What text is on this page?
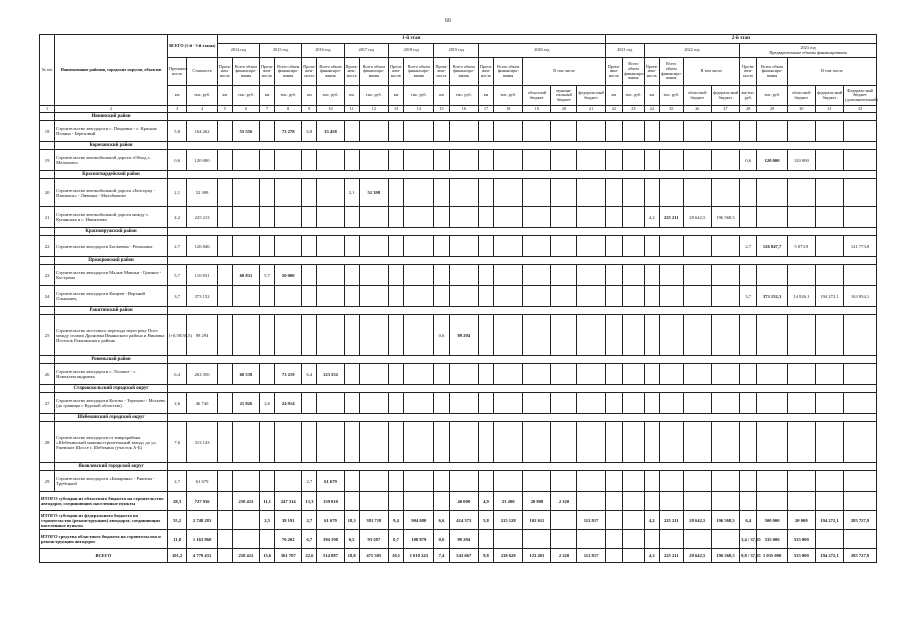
66
№ п/п	Наименование районов, городских округов, объектов	ВСЕГО (1-й - 3-й этапы)		1-й этап																	2-й этап										
				2014 год		2015 год		2016 год		2017 год		2018 год		2019 год		2020 год					2021 год		2022 год				2023 год
Предварительные объемы финансирования				
		Протяжен-ность	Стоимость	Протя-жен-ность	Всего объем финансиро-вания	Протя-жен-ность	Всего объем финансиро-вания	Протя-жен-ность	Всего объем финансиро-вания	Протя-жен-ность	Всего объем финансиро-вания	Протя-жен-ность	Всего объем финансиро-вания	Протя-жен-ность	Всего объем финансиро-вания	Протя-жен-ность	Всего объем финансиро-вания	В том числе			Протя-жен-ность	Всего объем финансиро-вания	Протя-жен-ность	Всего объем финансиро-вания	В том числе		Протя-жен-ность	Всего объем финансиро-вания	В том числе		
		км	тыс. руб.	км	тыс. руб.	км	тыс. руб.	км	тыс. руб.	км	тыс. руб.	км	тыс. руб.	км	тыс. руб.	км	тыс. руб.	областной бюджет	муници-пальный бюджет	федераль-ный бюджет	км	тыс. руб.	км	тыс. руб.	областной бюджет	федераль-ный бюджет	км/тыс. руб.	тыс. руб.	областной бюджет	федераль-ный бюджет	Федераль-ный бюджет (дополнительный)
1	2	3	4	5	6	7	8	9	10	11	12	13	14	15	16	17	18	19	20	21	22	23	24	25	26	27	28	29	30	31	32
	Ивнянский район																														
18	Строительство автодороги с. Покровка - с. Красная Поляна - Березовый	5,8	164 262		55 556		73 278	6,8	35 458																						
	Корочанский район																														
19	Строительство автомобильной дороги «Обход с. Мелихово»	0,6	120 000																								0,6	120 000	120 000		
	Красногвардейский район																														
20	Строительство автомобильной дороги «Белгород - Павловск» - Ливенка - Малобыково	2,1	52 398							2,1	52 398																				
21	Строительство автомобильной дороги между с. Купянская и с. Никитовка	4,2	225 213																				4,2	225 211	28 642,5	196 568,5					
	Краснояружский район																														
22	Строительство автодороги Богачевка - Репяховка	2,7	126 846																								2,7	126 847,7	5 073,9		121 773,8
	Прохоровский район																														
23	Строительство автодороги Малые Маячки - Грязное - Кострома	5,7	110 831		60 831	5,7	50 000																								
24	Строительство автодороги Кащеев - Верхний Ольшанец	3,7	373 152																								3,7	373 152,3	14 926,1	194 272,1	163 954,1
	Ракитянский район																														
25	Строительство мостового перехода через реку Псел между селами Дроновка Ивнянского района и Ниновка Поселок Ракитянского района	(+0,58/36,5)	89 294											0,6	89 294																
	Ровеньской район																														
26	Строительство автодороги с. Лозовое - с. Новоалександровка	6,4	263 350		60 538		73 219	6,4	123 552																						
	Старооскольский городской округ																														
27	Строительство автодороги Котово - Терехово - Мосьево (до границы с Курской областью)	2,6	46 740		21 826	2,6	24 914																								
	Шебекинский городской округ																														
28	Строительство автодороги от микрорайона «Шебекинский машиностроительный завод» до ул. Ржевское Шоссе г. Шебекино (участок А-Б)	7,6	313 143																												
	Яковлевский городской округ																														
29	Строительство автодороги «Бамарина» - Ракитка - Трубецкой	2,7	61 679					2,7	61 679																						
ИТОГО субсидии из областного бюджета на строительство автодорог, соединяющих населенные пункты		28,3	727 936		258 412	11,1	247 314	13,3	159 010						40 000	4,9	23 200	20 880	2 320												
ИТОГО субсидии из федерального бюджета на строительство (реконструкцию) автодорог, соединяющих населенные пункты		55,2	2 748 281			2,5	38 191	2,7	61 679	18,3	381 718	9,4	904 680	6,6	414 373	5,8	215 128	102 611		112 817			4,2	225 211	28 642,5	196 568,5	6,4	500 000	20 000	194 272,1	285 727,9
ИТОГО средства областного бюджета на строительство и реконструкцию автодорог		11,8	1 163 860				76 202	6,7	394 198	0,5	93 587	0,7	108 879	0,6	89 294												3,4 / 37,05	535 000	535 000		
ВСЕГО		101,2	4 779 431		258 412	13,6	361 707	22,6	514 887	18,8	475 305	10,1	1 010 243	7,4	543 667	9,8	238 628	123 491	2 320	112 817			4,2	225 211	28 642,5	196 568,5	9,8 / 37,05	1 035 000	535 000	194 272,1	285 727,9
